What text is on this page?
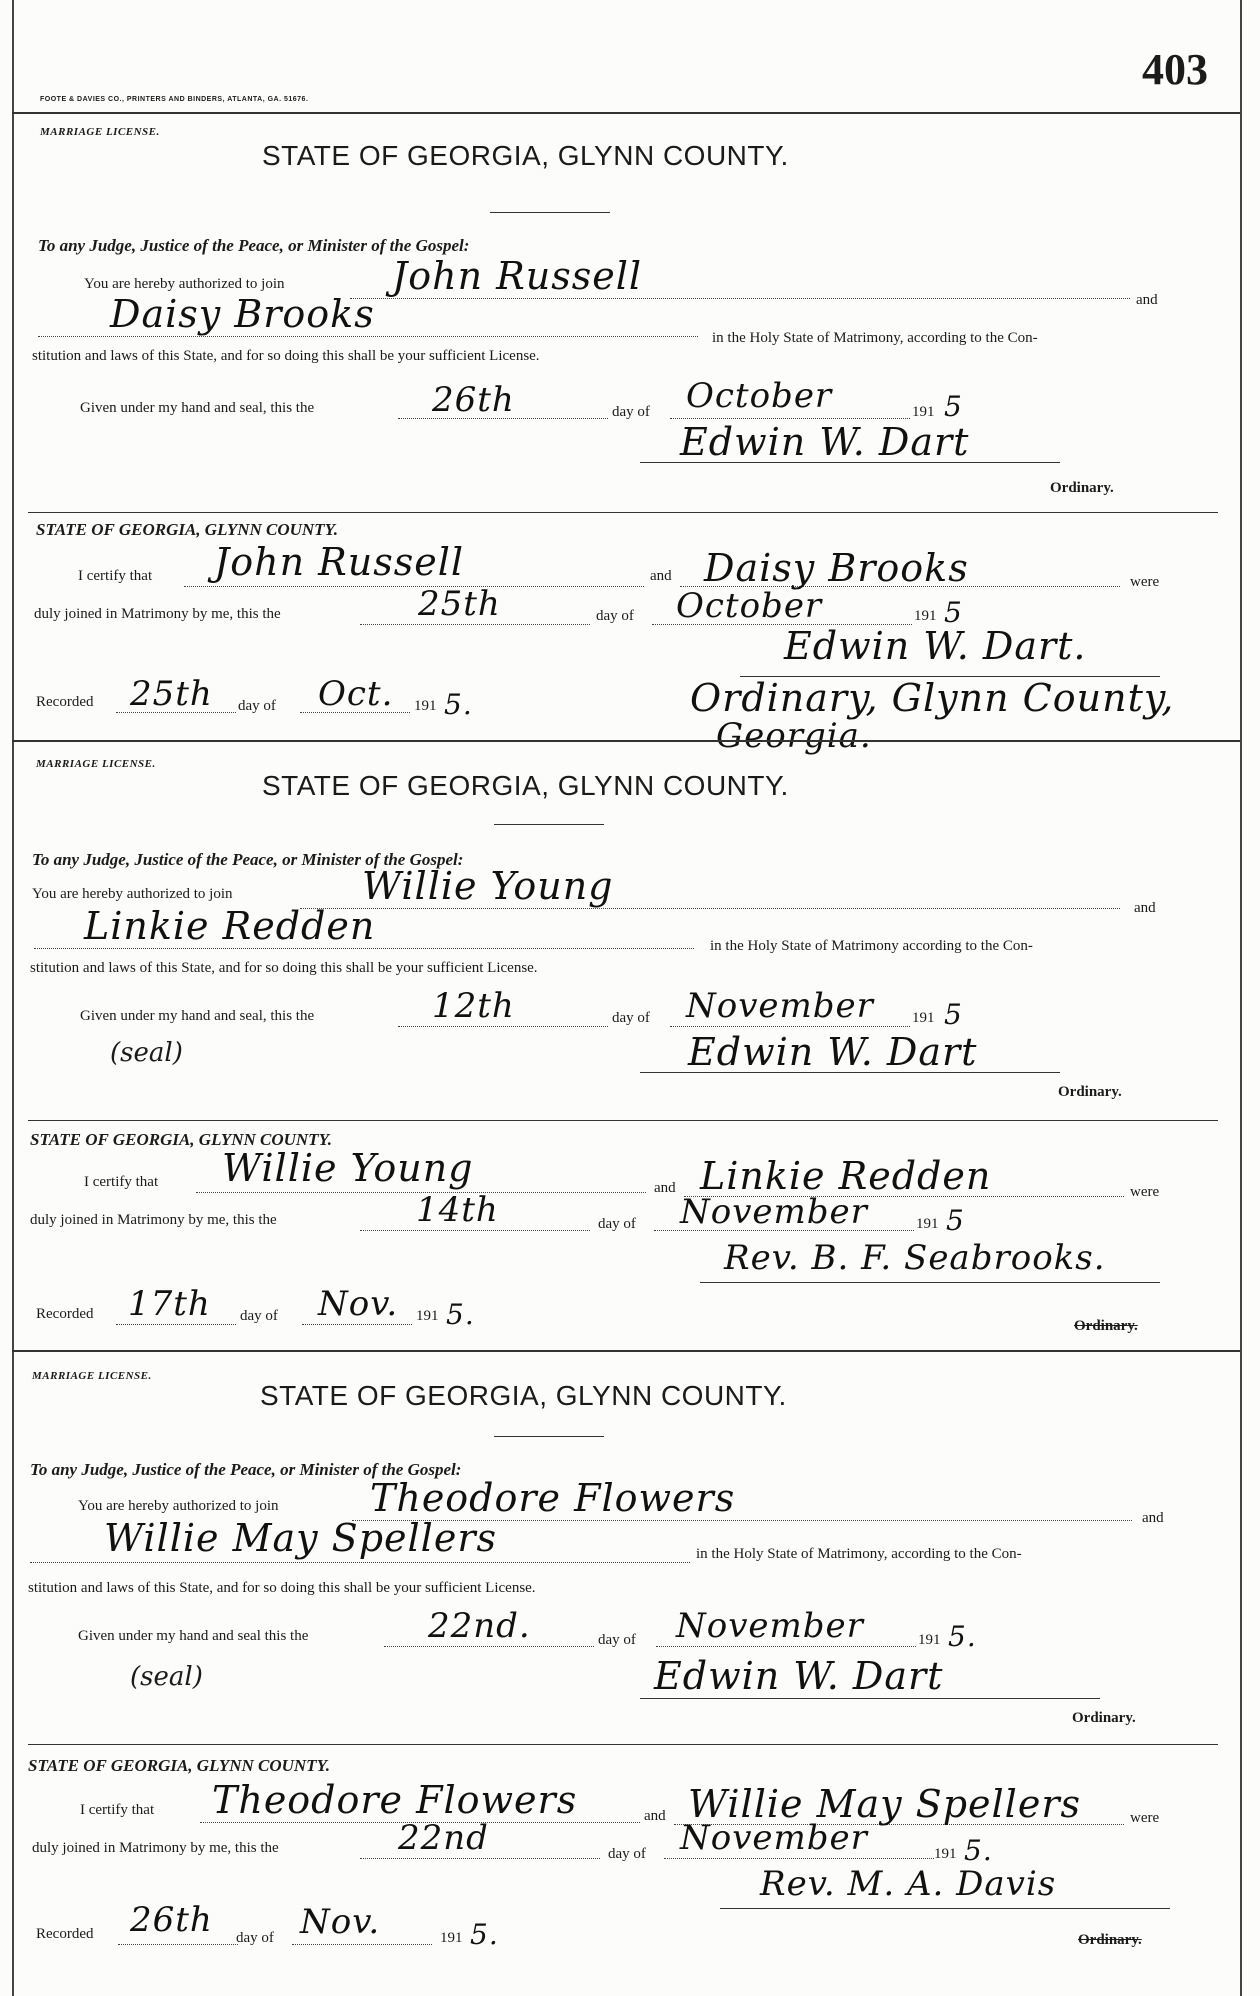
FOOTE & DAVIES CO., PRINTERS AND BINDERS, ATLANTA, GA. 51676.
403
MARRIAGE LICENSE.
STATE OF GEORGIA, GLYNN COUNTY.
To any Judge, Justice of the Peace, or Minister of the Gospel:
You are hereby authorized to join	John Russell
and
Daisy Brooks
in the Holy State of Matrimony, according to the Con-
stitution and laws of this State, and for so doing this shall be your sufficient License.
Given under my hand and seal, this the	26th	day of October	191 5
Edwin W. Dart
Ordinary.
STATE OF GEORGIA, GLYNN COUNTY.
I certify that John Russell	and Daisy Brooks	were
duly joined in Matrimony by me, this the	25th	day of October	191 5
Edwin W. Dart.
Recorded 25th day of Oct. 191 5.	Ordinary, Glynn County,
Georgia.
MARRIAGE LICENSE.
STATE OF GEORGIA, GLYNN COUNTY.
To any Judge, Justice of the Peace, or Minister of the Gospel:
You are hereby authorized to join	Willie Young	and
Linkie Redden	in the Holy State of Matrimony according to the Con-
stitution and laws of this State, and for so doing this shall be your sufficient License.
Given under my hand and seal, this the	12th	day of November	191 5
(seal)	Edwin W. Dart
Ordinary.
STATE OF GEORGIA, GLYNN COUNTY.
I certify that Willie Young	and Linkie Redden	were
duly joined in Matrimony by me, this the	14th	day of November	191 5
Rev. B. F. Seabrooks.
Recorded 17th day of Nov. 191 5.	Ordinary.
MARRIAGE LICENSE.
STATE OF GEORGIA, GLYNN COUNTY.
To any Judge, Justice of the Peace, or Minister of the Gospel:
You are hereby authorized to join Theodore Flowers	and
Willie May Spellers	in the Holy State of Matrimony, according to the Con-
stitution and laws of this State, and for so doing this shall be your sufficient License.
Given under my hand and seal this the	22nd.	day of November	191 5.
(seal)	Edwin W. Dart
Ordinary.
STATE OF GEORGIA, GLYNN COUNTY.
I certify that Theodore Flowers	and Willie May Spellers	were
duly joined in Matrimony by me, this the	22nd	day of November	191 5.
Rev. M. A. Davis
Recorded 26th day of Nov.	191 5.	Ordinary.
